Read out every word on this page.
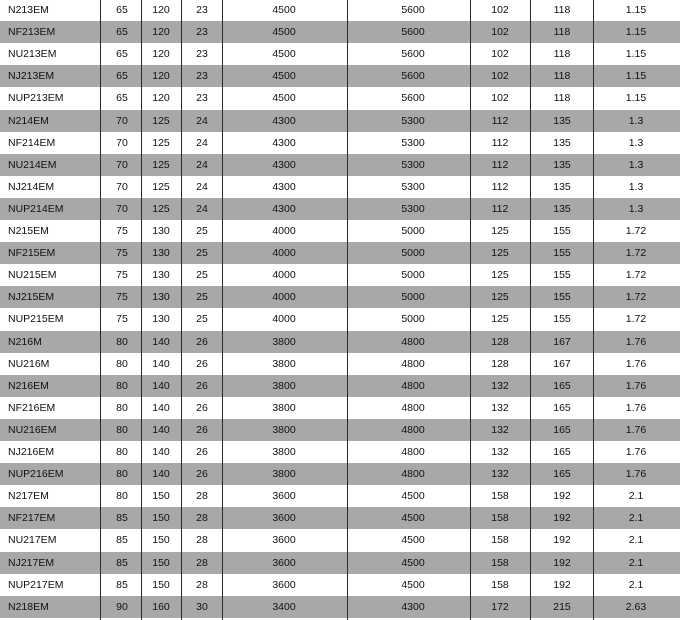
N213EM	65	120	23	4500	5600	102	118	1.15
NF213EM	65	120	23	4500	5600	102	118	1.15
NU213EM	65	120	23	4500	5600	102	118	1.15
NJ213EM	65	120	23	4500	5600	102	118	1.15
NUP213EM	65	120	23	4500	5600	102	118	1.15
N214EM	70	125	24	4300	5300	112	135	1.3
NF214EM	70	125	24	4300	5300	112	135	1.3
NU214EM	70	125	24	4300	5300	112	135	1.3
NJ214EM	70	125	24	4300	5300	112	135	1.3
NUP214EM	70	125	24	4300	5300	112	135	1.3
N215EM	75	130	25	4000	5000	125	155	1.72
NF215EM	75	130	25	4000	5000	125	155	1.72
NU215EM	75	130	25	4000	5000	125	155	1.72
NJ215EM	75	130	25	4000	5000	125	155	1.72
NUP215EM	75	130	25	4000	5000	125	155	1.72
N216M	80	140	26	3800	4800	128	167	1.76
NU216M	80	140	26	3800	4800	128	167	1.76
N216EM	80	140	26	3800	4800	132	165	1.76
NF216EM	80	140	26	3800	4800	132	165	1.76
NU216EM	80	140	26	3800	4800	132	165	1.76
NJ216EM	80	140	26	3800	4800	132	165	1.76
NUP216EM	80	140	26	3800	4800	132	165	1.76
N217EM	80	150	28	3600	4500	158	192	2.1
NF217EM	85	150	28	3600	4500	158	192	2.1
NU217EM	85	150	28	3600	4500	158	192	2.1
NJ217EM	85	150	28	3600	4500	158	192	2.1
NUP217EM	85	150	28	3600	4500	158	192	2.1
N218EM	90	160	30	3400	4300	172	215	2.63
